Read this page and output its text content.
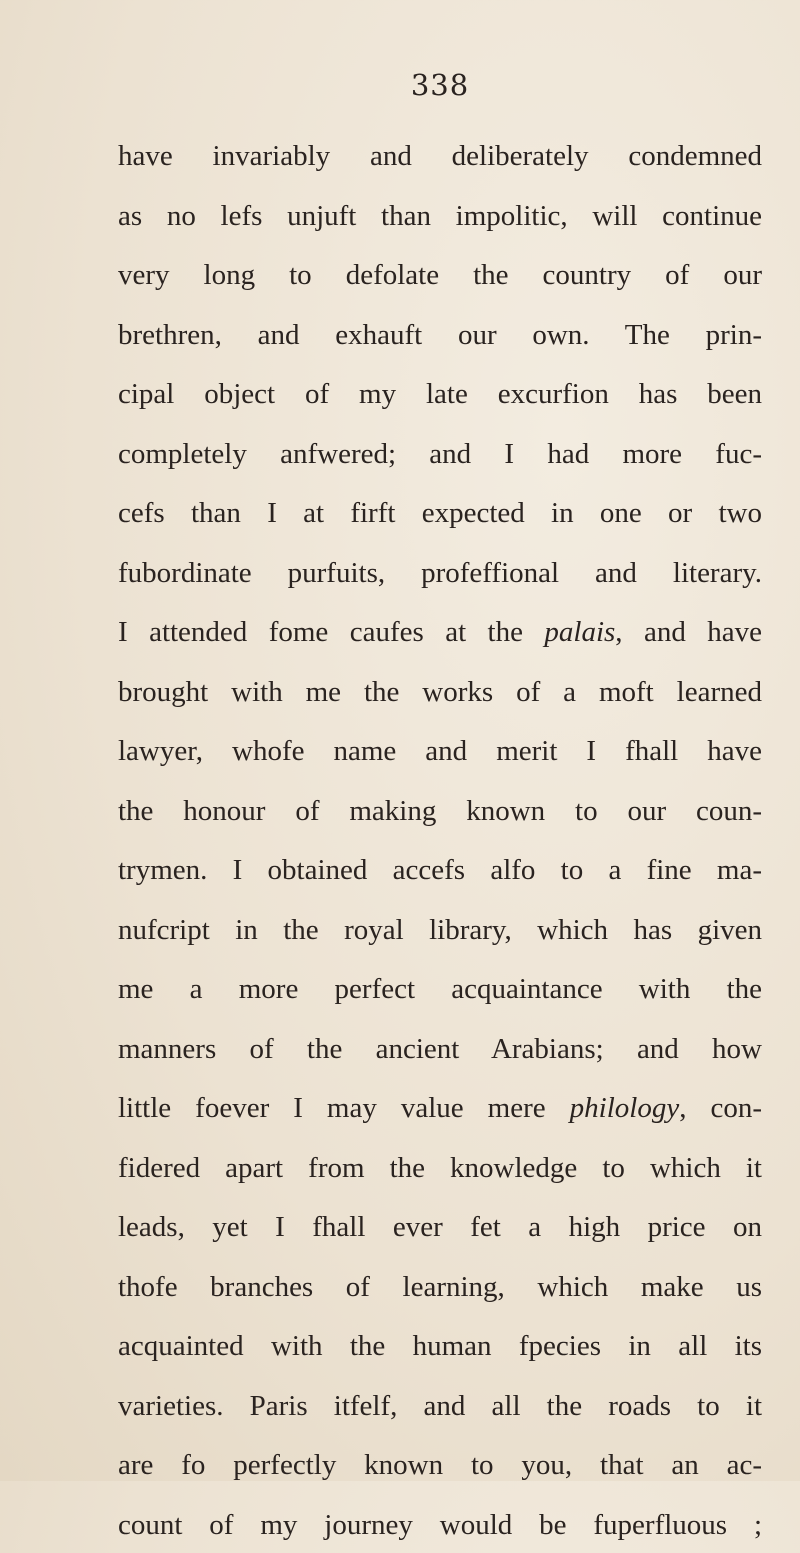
338
have invariably and deliberately condemned
as no lefs unjuft than impolitic, will continue
very long to defolate the country of our
brethren, and exhauft our own. The prin-
cipal object of my late excurfion has been
completely anfwered; and I had more fuc-
cefs than I at firft expected in one or two
fubordinate purfuits, profeffional and literary.
I attended fome caufes at the palais, and have
brought with me the works of a moft learned
lawyer, whofe name and merit I fhall have
the honour of making known to our coun-
trymen. I obtained accefs alfo to a fine ma-
nufcript in the royal library, which has given
me a more perfect acquaintance with the
manners of the ancient Arabians; and how
little foever I may value mere philology, con-
fidered apart from the knowledge to which it
leads, yet I fhall ever fet a high price on
thofe branches of learning, which make us
acquainted with the human fpecies in all its
varieties. Paris itfelf, and all the roads to it
are fo perfectly known to you, that an ac-
count of my journey would be fuperfluous ;
